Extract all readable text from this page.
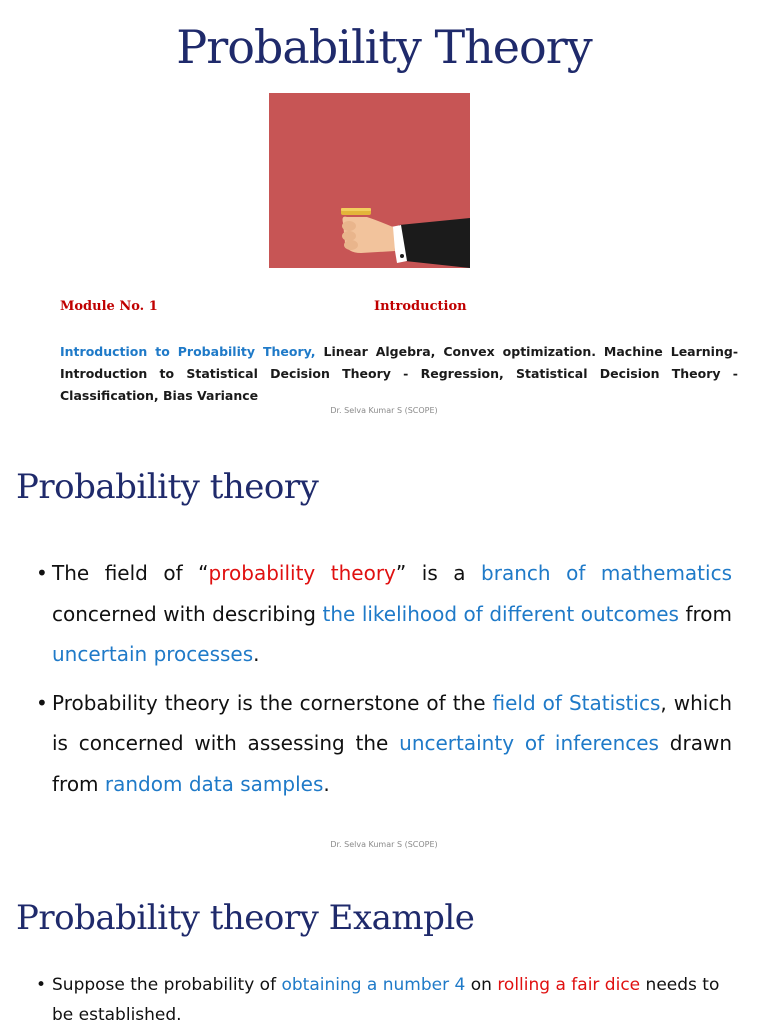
Probability Theory
Module No. 1	Introduction
Introduction to Probability Theory, Linear Algebra, Convex optimization. Machine Learning- Introduction to Statistical Decision Theory - Regression, Statistical Decision Theory - Classification, Bias Variance
Dr. Selva Kumar S (SCOPE)
Probability theory
• The field of “probability theory” is a branch of mathematics concerned with describing the likelihood of different outcomes from uncertain processes.
• Probability theory is the cornerstone of the field of Statistics, which is concerned with assessing the uncertainty of inferences drawn from random data samples.
Dr. Selva Kumar S (SCOPE)
Probability theory Example
• Suppose the probability of obtaining a number 4 on rolling a fair dice needs to be established.
